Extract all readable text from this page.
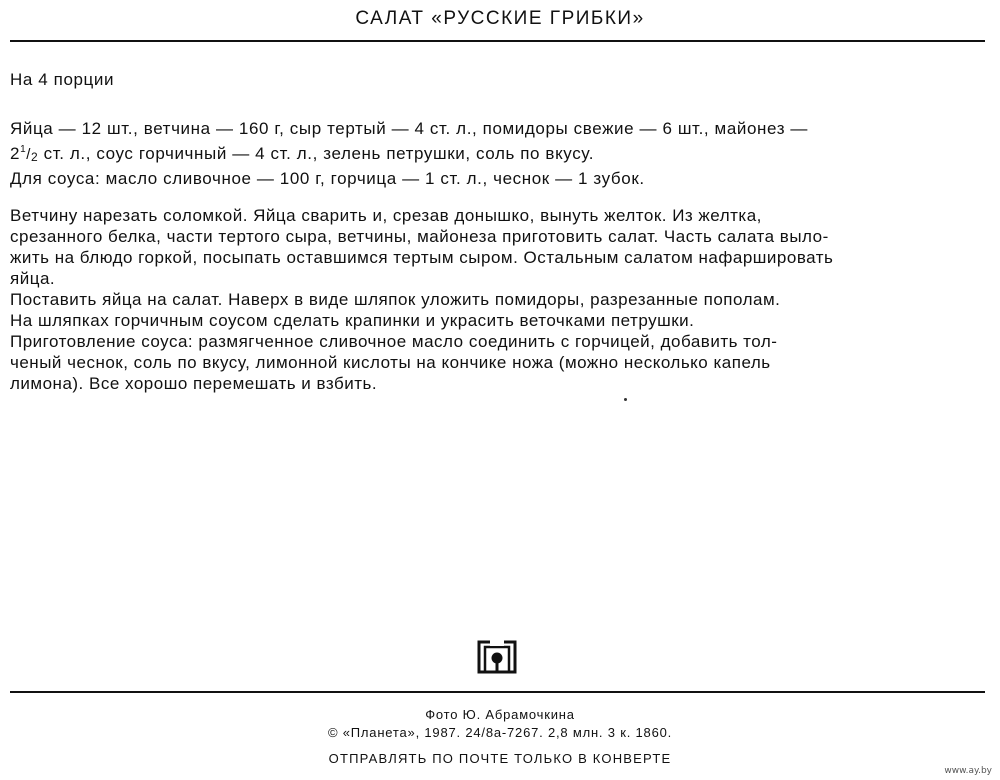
САЛАТ «РУССКИЕ ГРИБКИ»
На 4 порции
Яйца — 12 шт., ветчина — 160 г, сыр тертый — 4 ст. л., помидоры свежие — 6 шт., майонез —
$2^1/_2$ ст. л., соус горчичный — 4 ст. л., зелень петрушки, соль по вкусу.
Для соуса: масло сливочное — 100 г, горчица — 1 ст. л., чеснок — 1 зубок.
Ветчину нарезать соломкой. Яйца сварить и, срезав донышко, вынуть желток. Из желтка,
срезанного белка, части тертого сыра, ветчины, майонеза приготовить салат. Часть салата выло-
жить на блюдо горкой, посыпать оставшимся тертым сыром. Остальным салатом нафаршировать
яйца.
Поставить яйца на салат. Наверх в виде шляпок уложить помидоры, разрезанные пополам.
На шляпках горчичным соусом сделать крапинки и украсить веточками петрушки.
Приготовление соуса: размягченное сливочное масло соединить с горчицей, добавить тол-
ченый чеснок, соль по вкусу, лимонной кислоты на кончике ножа (можно несколько капель
лимона). Все хорошо перемешать и взбить.
Фото Ю. Абрамочкина
© «Планета», 1987. 24/8а-7267. 2,8 млн. 3 к. 1860.
ОТПРАВЛЯТЬ ПО ПОЧТЕ ТОЛЬКО В КОНВЕРТЕ
www.ay.by
